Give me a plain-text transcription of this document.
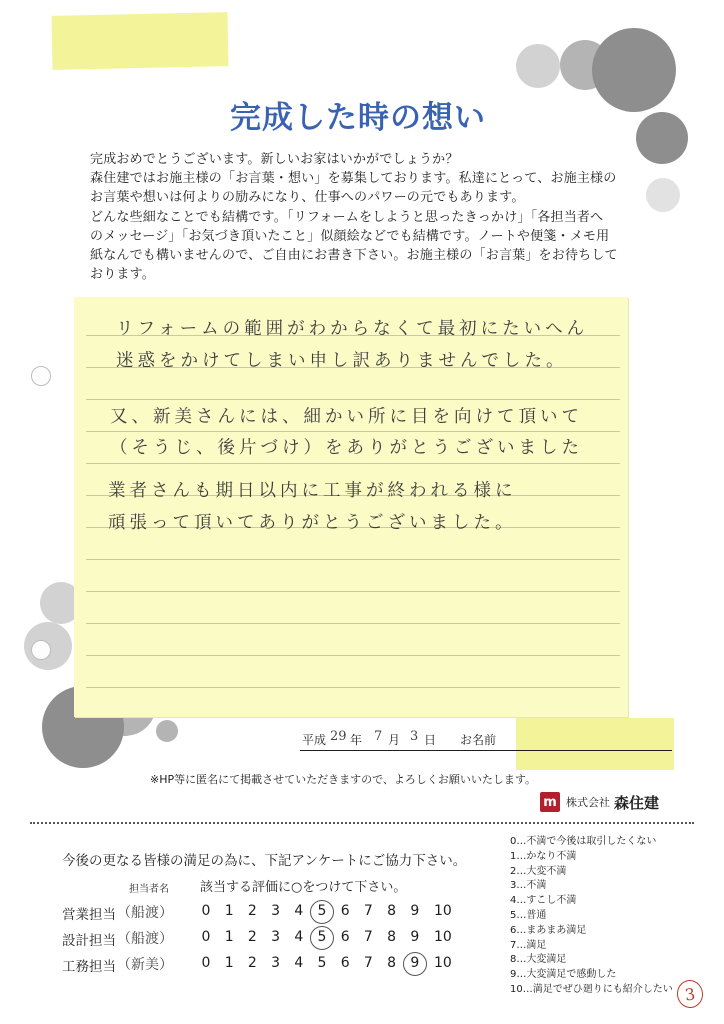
完成した時の想い
完成おめでとうございます。新しいお家はいかがでしょうか？
森住建ではお施主様の「お言葉・想い」を募集しております。私達にとって、お施主様の
お言葉や想いは何よりの励みになり、仕事へのパワーの元でもあります。
どんな些細なことでも結構です。「リフォームをしようと思ったきっかけ」「各担当者へ
のメッセージ」「お気づき頂いたこと」似顔絵などでも結構です。ノートや便箋・メモ用
紙なんでも構いませんので、ご自由にお書き下さい。お施主様の「お言葉」をお待ちして
おります。
リフォームの範囲がわからなくて最初にたいへん
迷惑をかけてしまい申し訳ありませんでした。
又、新美さんには、細かい所に目を向けて頂いて
（そうじ、後片づけ）をありがとうございました
業者さんも期日以内に工事が終われる様に
頑張って頂いてありがとうございました。
平成 29 年 7 月 3 日 お名前
※HP等に匿名にて掲載させていただきますので、よろしくお願いいたします。
m 株式会社 森住建
今後の更なる皆様の満足の為に、下記アンケートにご協力下さい。
担当者名 該当する評価に○をつけて下さい。
営業担当 （船渡） 0 1 2 3 4 5 6 7 8 9 10
設計担当 （船渡） 0 1 2 3 4 5 6 7 8 9 10
工務担当 （新美） 0 1 2 3 4 5 6 7 8 9 10
0…不満で今後は取引したくない
1…かなり不満
2…大変不満
3…不満
4…すこし不満
5…普通
6…まあまあ満足
7…満足
8…大変満足
9…大変満足で感動した
10…満足でぜひ廻りにも紹介したい 3
